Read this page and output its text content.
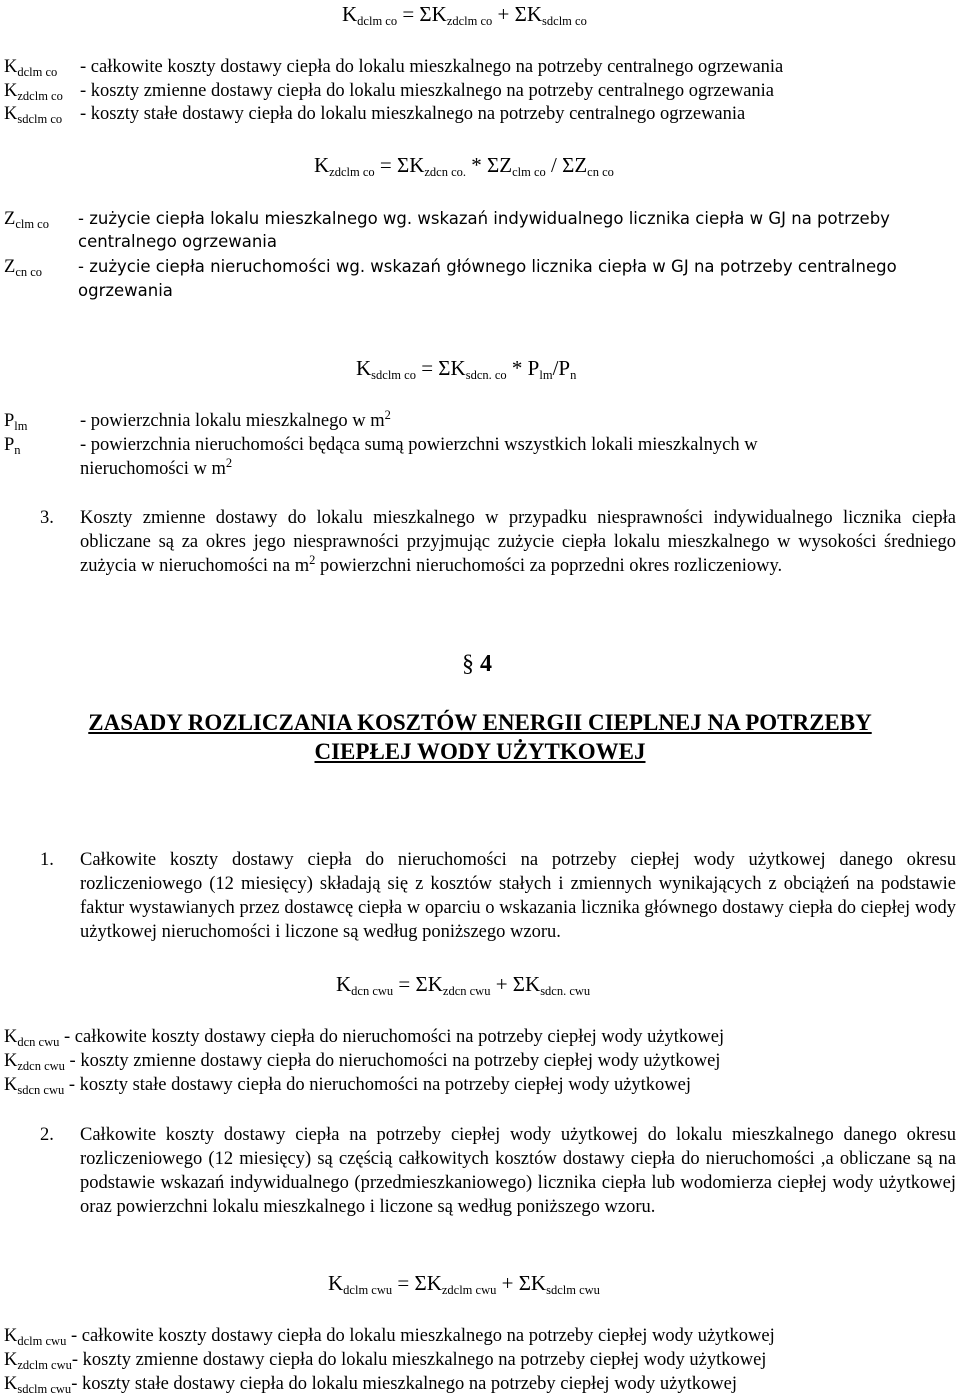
$K_{dclm co} = \Sigma K_{zdclm co} + \Sigma K_{sdclm co}$
$K_{dclm co}$ - całkowite koszty dostawy ciepła do lokalu mieszkalnego na potrzeby centralnego ogrzewania
$K_{zdclm co}$ - koszty zmienne dostawy ciepła do lokalu mieszkalnego na potrzeby centralnego ogrzewania
$K_{sdclm co}$ - koszty stałe dostawy ciepła do lokalu mieszkalnego na potrzeby centralnego ogrzewania
$K_{zdclm co} = \Sigma K_{zdcn co.} * \Sigma Z_{clm co} / \Sigma Z_{cn co}$
$Z_{clm co}$ - zużycie ciepła lokalu mieszkalnego wg. wskazań indywidualnego licznika ciepła w GJ na potrzeby
centralnego ogrzewania
$Z_{cn co}$ - zużycie ciepła nieruchomości wg. wskazań głównego licznika ciepła w GJ na potrzeby centralnego
ogrzewania
$K_{sdclm co} = \Sigma K_{sdcn. co} * P_{lm}/P_n$
$P_{lm}$	- powierzchnia lokalu mieszkalnego w $m^2$
$P_n$	- powierzchnia nieruchomości będąca sumą powierzchni wszystkich lokali mieszkalnych w
nieruchomości w $m^2$
3. Koszty zmienne dostawy do lokalu mieszkalnego w przypadku niesprawności indywidualnego licznika ciepła obliczane są za okres jego niesprawności przyjmując zużycie ciepła lokalu mieszkalnego w wysokości średniego zużycia w nieruchomości na $m^2$ powierzchni nieruchomości za poprzedni okres rozliczeniowy.
§ 4
ZASADY ROZLICZANIA KOSZTÓW ENERGII CIEPLNEJ NA POTRZEBY
CIEPŁEJ WODY UŻYTKOWEJ
1. Całkowite koszty dostawy ciepła do nieruchomości na potrzeby ciepłej wody użytkowej danego okresu rozliczeniowego (12 miesięcy) składają się z kosztów stałych i zmiennych wynikających z obciążeń na podstawie faktur wystawianych przez dostawcę ciepła w oparciu o wskazania licznika głównego dostawy ciepła do ciepłej wody użytkowej nieruchomości i liczone są według poniższego wzoru.
$K_{dcn cwu} = \Sigma K_{zdcn cwu} + \Sigma K_{sdcn. cwu}$
$K_{dcn cwu}$ - całkowite koszty dostawy ciepła do nieruchomości na potrzeby ciepłej wody użytkowej
$K_{zdcn cwu}$ - koszty zmienne dostawy ciepła do nieruchomości na potrzeby ciepłej wody użytkowej
$K_{sdcn cwu}$ - koszty stałe dostawy ciepła do nieruchomości na potrzeby ciepłej wody użytkowej
2. Całkowite koszty dostawy ciepła na potrzeby ciepłej wody użytkowej do lokalu mieszkalnego danego okresu rozliczeniowego (12 miesięcy) są częścią całkowitych kosztów dostawy ciepła do nieruchomości ,a obliczane są na podstawie wskazań indywidualnego (przedmieszkaniowego) licznika ciepła lub wodomierza ciepłej wody użytkowej oraz powierzchni lokalu mieszkalnego i liczone są według poniższego wzoru.
$K_{dclm cwu} = \Sigma K_{zdclm cwu} + \Sigma K_{sdclm cwu}$
$K_{dclm cwu}$ - całkowite koszty dostawy ciepła do lokalu mieszkalnego na potrzeby ciepłej wody użytkowej
$K_{zdclm cwu}-$ koszty zmienne dostawy ciepła do lokalu mieszkalnego na potrzeby ciepłej wody użytkowej
$K_{sdclm cwu}-$ koszty stałe dostawy ciepła do lokalu mieszkalnego na potrzeby ciepłej wody użytkowej
